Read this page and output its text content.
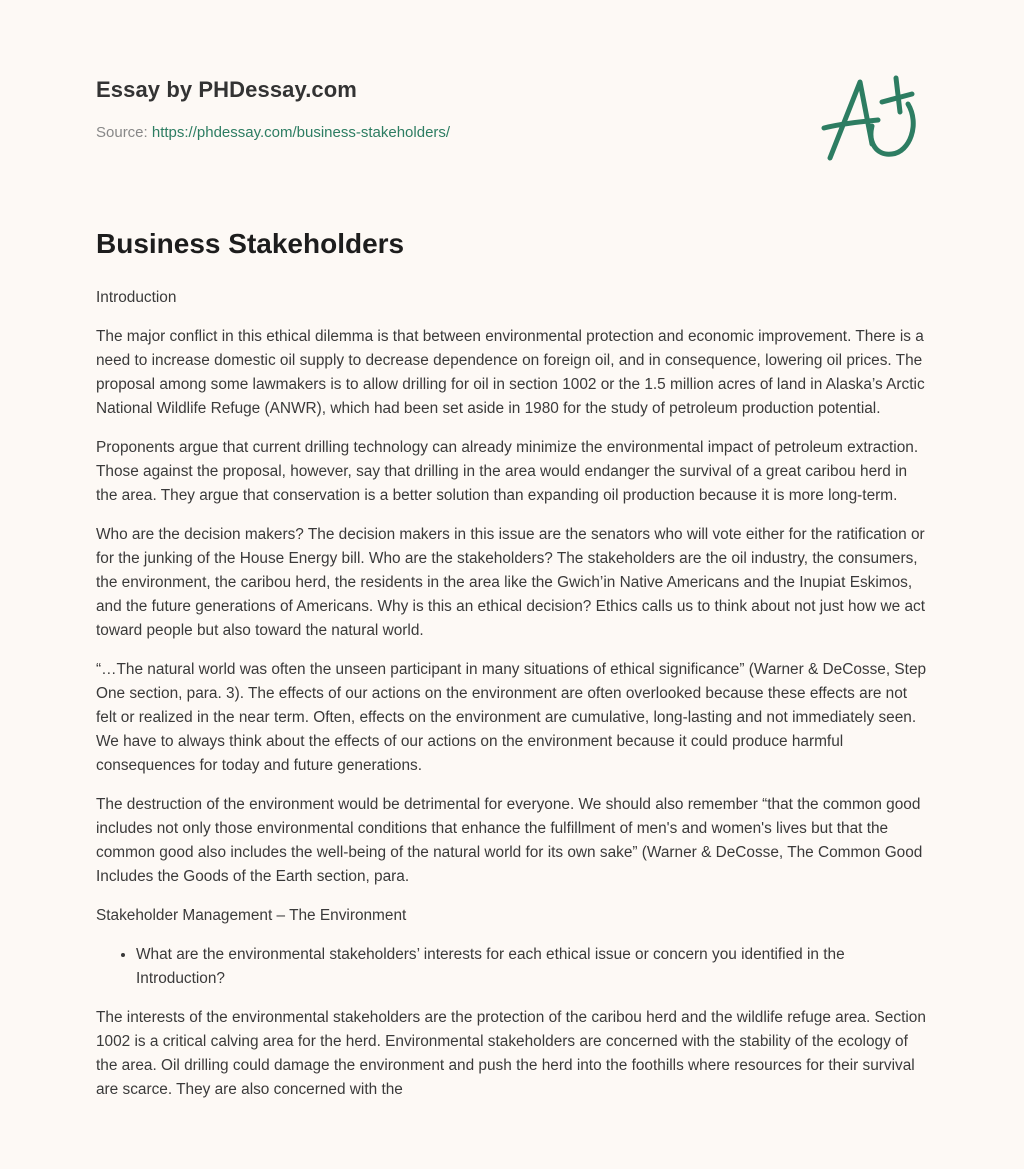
Essay by PHDessay.com
Source: https://phdessay.com/business-stakeholders/
Business Stakeholders

Introduction

The major conflict in this ethical dilemma is that between environmental protection and economic improvement. There is a need to increase domestic oil supply to decrease dependence on foreign oil, and in consequence, lowering oil prices. The proposal among some lawmakers is to allow drilling for oil in section 1002 or the 1.5 million acres of land in Alaska’s Arctic National Wildlife Refuge (ANWR), which had been set aside in 1980 for the study of petroleum production potential.

Proponents argue that current drilling technology can already minimize the environmental impact of petroleum extraction. Those against the proposal, however, say that drilling in the area would endanger the survival of a great caribou herd in the area. They argue that conservation is a better solution than expanding oil production because it is more long-term.

Who are the decision makers? The decision makers in this issue are the senators who will vote either for the ratification or for the junking of the House Energy bill. Who are the stakeholders? The stakeholders are the oil industry, the consumers, the environment, the caribou herd, the residents in the area like the Gwich’in Native Americans and the Inupiat Eskimos, and the future generations of Americans. Why is this an ethical decision? Ethics calls us to think about not just how we act toward people but also toward the natural world.

“…The natural world was often the unseen participant in many situations of ethical significance” (Warner & DeCosse, Step One section, para. 3). The effects of our actions on the environment are often overlooked because these effects are not felt or realized in the near term. Often, effects on the environment are cumulative, long-lasting and not immediately seen. We have to always think about the effects of our actions on the environment because it could produce harmful consequences for today and future generations.

The destruction of the environment would be detrimental for everyone. We should also remember “that the common good includes not only those environmental conditions that enhance the fulfillment of men's and women's lives but that the common good also includes the well-being of the natural world for its own sake” (Warner & DeCosse, The Common Good Includes the Goods of the Earth section, para.

Stakeholder Management – The Environment

• What are the environmental stakeholders’ interests for each ethical issue or concern you identified in the Introduction?

The interests of the environmental stakeholders are the protection of the caribou herd and the wildlife refuge area. Section 1002 is a critical calving area for the herd. Environmental stakeholders are concerned with the stability of the ecology of the area. Oil drilling could damage the environment and push the herd into the foothills where resources for their survival are scarce. They are also concerned with the
